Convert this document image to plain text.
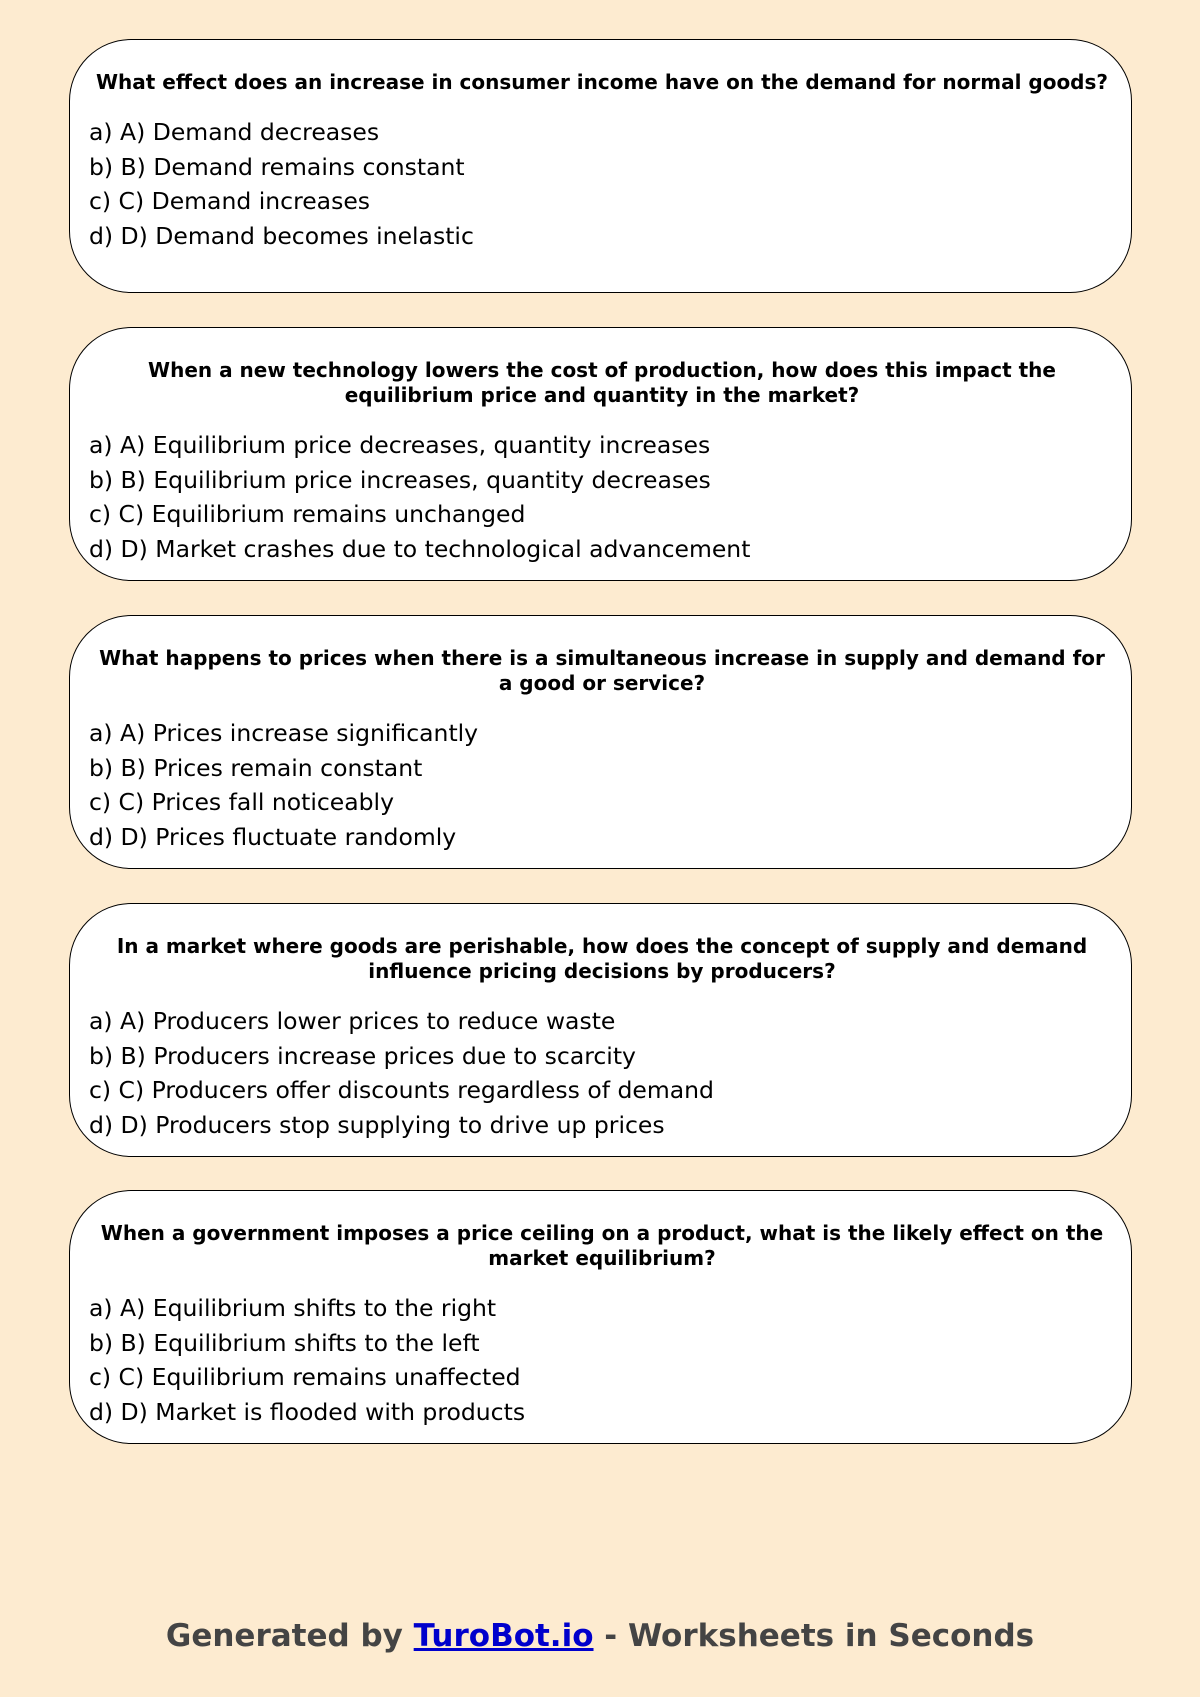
What effect does an increase in consumer income have on the demand for normal goods?
a) A) Demand decreases
b) B) Demand remains constant
c) C) Demand increases
d) D) Demand becomes inelastic
When a new technology lowers the cost of production, how does this impact the equilibrium price and quantity in the market?
a) A) Equilibrium price decreases, quantity increases
b) B) Equilibrium price increases, quantity decreases
c) C) Equilibrium remains unchanged
d) D) Market crashes due to technological advancement
What happens to prices when there is a simultaneous increase in supply and demand for a good or service?
a) A) Prices increase significantly
b) B) Prices remain constant
c) C) Prices fall noticeably
d) D) Prices fluctuate randomly
In a market where goods are perishable, how does the concept of supply and demand influence pricing decisions by producers?
a) A) Producers lower prices to reduce waste
b) B) Producers increase prices due to scarcity
c) C) Producers offer discounts regardless of demand
d) D) Producers stop supplying to drive up prices
When a government imposes a price ceiling on a product, what is the likely effect on the market equilibrium?
a) A) Equilibrium shifts to the right
b) B) Equilibrium shifts to the left
c) C) Equilibrium remains unaffected
d) D) Market is flooded with products
Generated by TuroBot.io - Worksheets in Seconds
